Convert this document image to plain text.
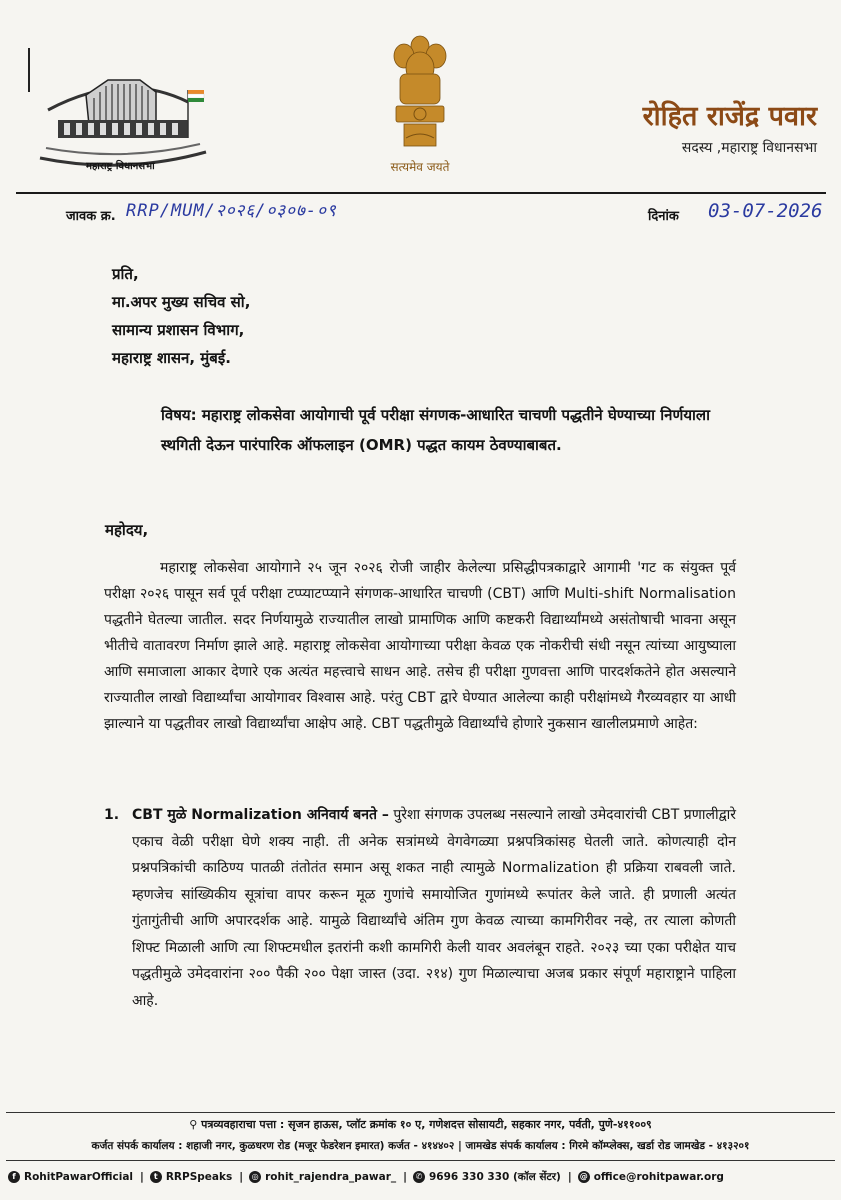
महाराष्ट्र विधानसभा	सत्यमेव जयते
रोहित राजेंद्र पवार
सदस्य ,महाराष्ट्र विधानसभा
जावक क्र. RRP/MUM/२०२६/०३०७-०९	दिनांक 03-07-2026
प्रति,
मा.अपर मुख्य सचिव सो,
सामान्य प्रशासन विभाग,
महाराष्ट्र शासन, मुंबई.
विषय: महाराष्ट्र लोकसेवा आयोगाची पूर्व परीक्षा संगणक-आधारित चाचणी पद्धतीने घेण्याच्या निर्णयाला स्थगिती देऊन पारंपारिक ऑफलाइन (OMR) पद्धत कायम ठेवण्याबाबत.
महोदय,
महाराष्ट्र लोकसेवा आयोगाने २५ जून २०२६ रोजी जाहीर केलेल्या प्रसिद्धीपत्रकाद्वारे आगामी 'गट क संयुक्त पूर्व परीक्षा २०२६ पासून सर्व पूर्व परीक्षा टप्प्याटप्प्याने संगणक-आधारित चाचणी (CBT) आणि Multi-shift Normalisation पद्धतीने घेतल्या जातील. सदर निर्णयामुळे राज्यातील लाखो प्रामाणिक आणि कष्टकरी विद्यार्थ्यांमध्ये असंतोषाची भावना असून भीतीचे वातावरण निर्माण झाले आहे. महाराष्ट्र लोकसेवा आयोगाच्या परीक्षा केवळ एक नोकरीची संधी नसून त्यांच्या आयुष्याला आणि समाजाला आकार देणारे एक अत्यंत महत्त्वाचे साधन आहे. तसेच ही परीक्षा गुणवत्ता आणि पारदर्शकतेने होत असल्याने राज्यातील लाखो विद्यार्थ्यांचा आयोगावर विश्वास आहे. परंतु CBT द्वारे घेण्यात आलेल्या काही परीक्षांमध्ये गैरव्यवहार या आधी झाल्याने या पद्धतीवर लाखो विद्यार्थ्यांचा आक्षेप आहे. CBT पद्धतीमुळे विद्यार्थ्यांचे होणारे नुकसान खालीलप्रमाणे आहेत:
1. CBT मुळे Normalization अनिवार्य बनते – पुरेशा संगणक उपलब्ध नसल्याने लाखो उमेदवारांची CBT प्रणालीद्वारे एकाच वेळी परीक्षा घेणे शक्य नाही. ती अनेक सत्रांमध्ये वेगवेगळ्या प्रश्नपत्रिकांसह घेतली जाते. कोणत्याही दोन प्रश्नपत्रिकांची काठिण्य पातळी तंतोतंत समान असू शकत नाही त्यामुळे Normalization ही प्रक्रिया राबवली जाते. म्हणजेच सांख्यिकीय सूत्रांचा वापर करून मूळ गुणांचे समायोजित गुणांमध्ये रूपांतर केले जाते. ही प्रणाली अत्यंत गुंतागुंतीची आणि अपारदर्शक आहे. यामुळे विद्यार्थ्यांचे अंतिम गुण केवळ त्याच्या कामगिरीवर नव्हे, तर त्याला कोणती शिफ्ट मिळाली आणि त्या शिफ्टमधील इतरांनी कशी कामगिरी केली यावर अवलंबून राहते. २०२३ च्या एका परीक्षेत याच पद्धतीमुळे उमेदवारांना २०० पैकी २०० पेक्षा जास्त (उदा. २१४) गुण मिळाल्याचा अजब प्रकार संपूर्ण महाराष्ट्राने पाहिला आहे.
⚲ पत्रव्यवहाराचा पत्ता : सृजन हाऊस, प्लॉट क्रमांक १० ए, गणेशदत्त सोसायटी, सहकार नगर, पर्वती, पुणे-४११००९
कर्जत संपर्क कार्यालय : शहाजी नगर, कुळधरण रोड (मजूर फेडरेशन इमारत) कर्जत - ४१४४०२ | जामखेड संपर्क कार्यालय : गिरमे कॉम्प्लेक्स, खर्डा रोड जामखेड - ४१३२०१
f RohitPawarOfficial |	t RRPSpeaks |	◎ rohit_rajendra_pawar_ |	✆ 9696 330 330 (कॉल सेंटर) | @ office@rohitpawar.org
